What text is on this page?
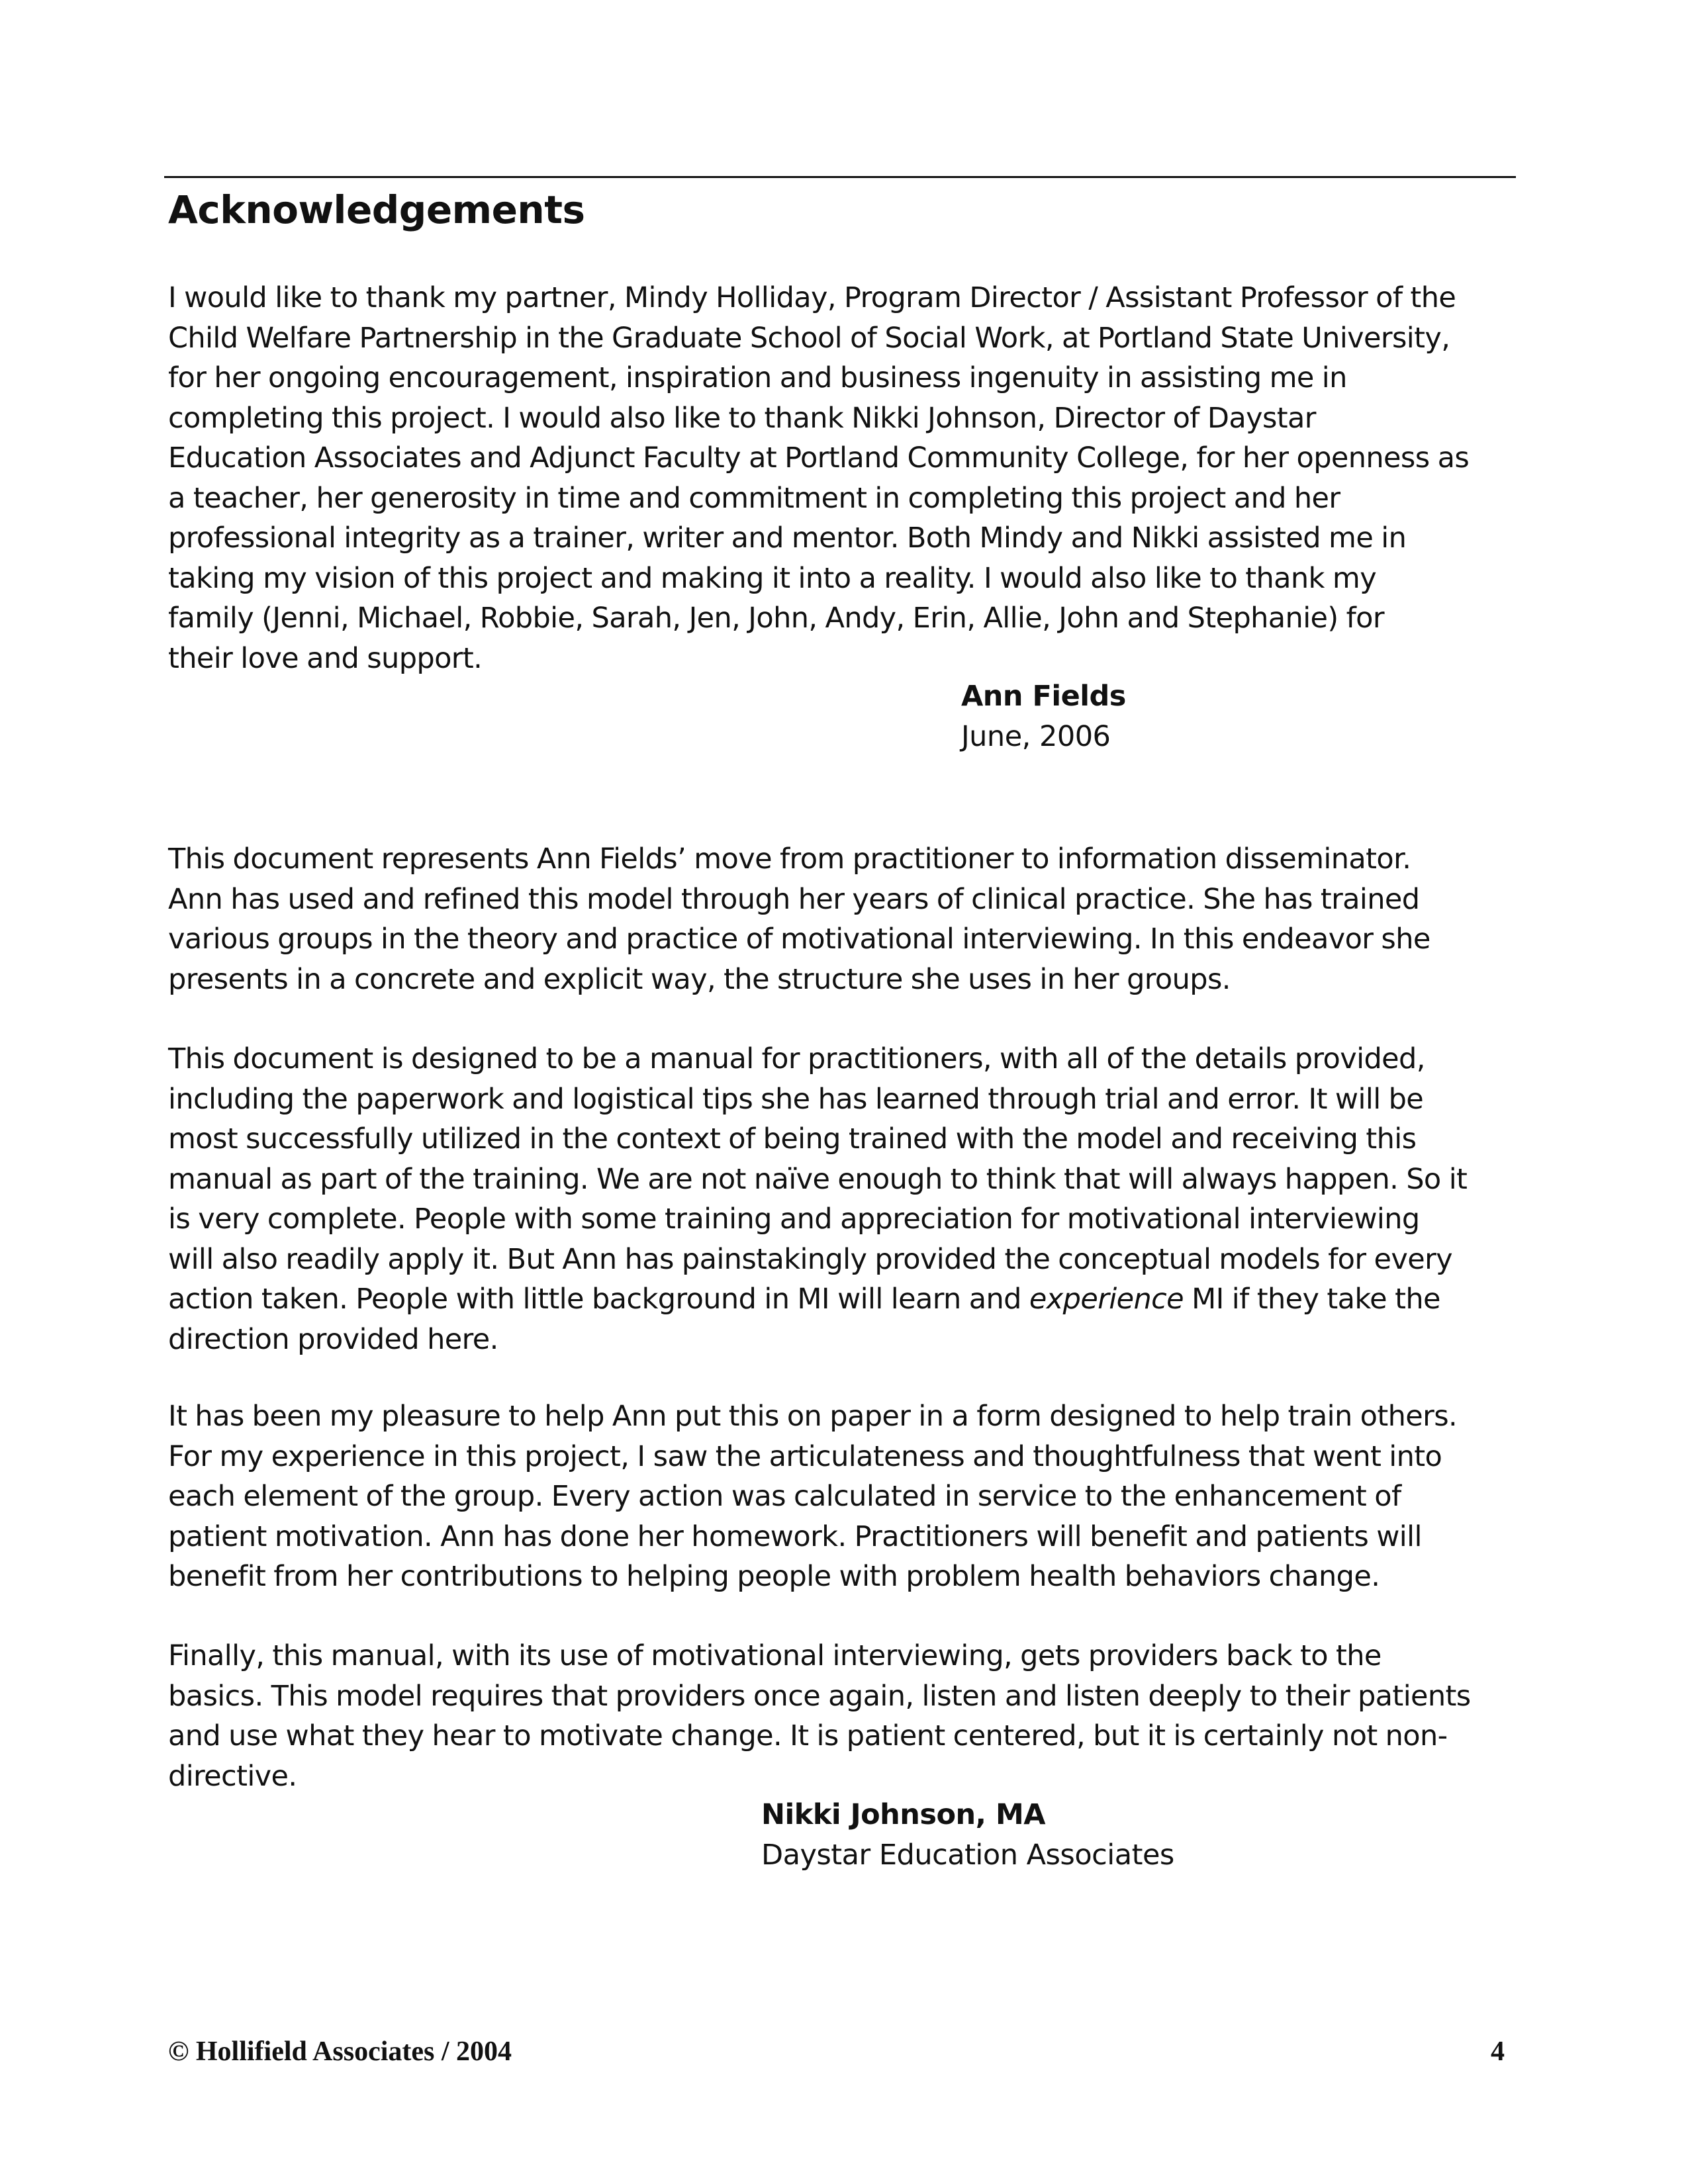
Acknowledgements

I would like to thank my partner, Mindy Holliday, Program Director / Assistant Professor of the
Child Welfare Partnership in the Graduate School of Social Work, at Portland State University,
for her ongoing encouragement, inspiration and business ingenuity in assisting me in
completing this project. I would also like to thank Nikki Johnson, Director of Daystar
Education Associates and Adjunct Faculty at Portland Community College, for her openness as
a teacher, her generosity in time and commitment in completing this project and her
professional integrity as a trainer, writer and mentor. Both Mindy and Nikki assisted me in
taking my vision of this project and making it into a reality. I would also like to thank my
family (Jenni, Michael, Robbie, Sarah, Jen, John, Andy, Erin, Allie, John and Stephanie) for
their love and support.

Ann Fields
June, 2006

This document represents Ann Fields’ move from practitioner to information disseminator.
Ann has used and refined this model through her years of clinical practice. She has trained
various groups in the theory and practice of motivational interviewing. In this endeavor she
presents in a concrete and explicit way, the structure she uses in her groups.

This document is designed to be a manual for practitioners, with all of the details provided,
including the paperwork and logistical tips she has learned through trial and error. It will be
most successfully utilized in the context of being trained with the model and receiving this
manual as part of the training. We are not naïve enough to think that will always happen. So it
is very complete. People with some training and appreciation for motivational interviewing
will also readily apply it. But Ann has painstakingly provided the conceptual models for every
action taken. People with little background in MI will learn and experience MI if they take the
direction provided here.

It has been my pleasure to help Ann put this on paper in a form designed to help train others.
For my experience in this project, I saw the articulateness and thoughtfulness that went into
each element of the group. Every action was calculated in service to the enhancement of
patient motivation. Ann has done her homework. Practitioners will benefit and patients will
benefit from her contributions to helping people with problem health behaviors change.

Finally, this manual, with its use of motivational interviewing, gets providers back to the
basics. This model requires that providers once again, listen and listen deeply to their patients
and use what they hear to motivate change. It is patient centered, but it is certainly not non-
directive.

Nikki Johnson, MA
Daystar Education Associates
© Hollifield Associates / 2004	4
